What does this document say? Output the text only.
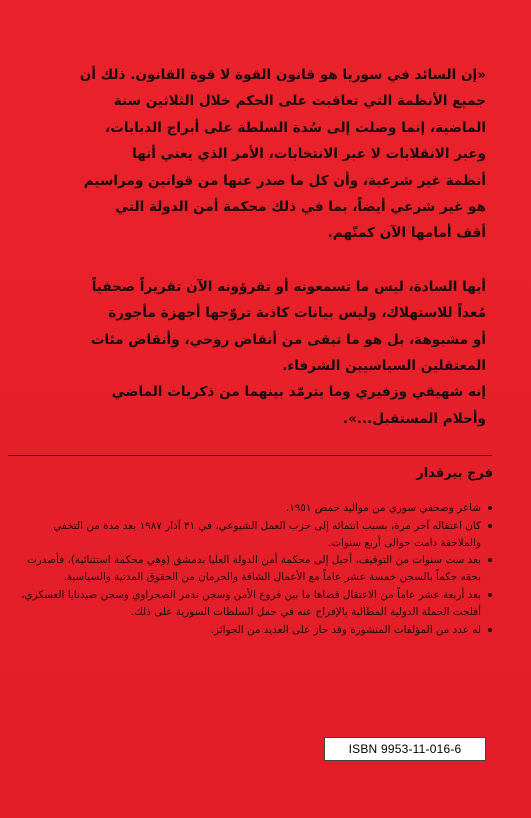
«إن السائد في سوريا هو قانون القوة لا قوة القانون. ذلك أن

جميع الأنظمة التي تعاقبت على الحكم خلال الثلاثين سنة

الماضية، إنما وصلت إلى سُدة السلطة على أبراج الدبابات،

وعبر الانقلابات لا عبر الانتخابات، الأمر الذي يعني أنها

أنظمة غير شرعية، وأن كل ما صدر عنها من قوانين ومراسيم

هو غير شرعي أيضاً، بما في ذلك محكمة أمن الدولة التي

أقف أمامها الآن كمتّهم.

أيها السادة، ليس ما تسمعونه أو تقرؤونه الآن تقريراً صحفياً

مُعداً للاستهلاك، وليس بيانات كاذبة تروّجها أجهزة مأجورة

أو مشبوهة، بل هو ما تبقى من أنقاض روحي، وأنقاض مئات

المعتقلين السياسيين الشرفاء.

إنه شهيقي وزفيري وما يترمّد بينهما من ذكريات الماضي

وأحلام المستقبل...».

فرج بيرقدار
شاعر وصحفي سوري من مواليد حمص ١٩٥١.
كان اعتقاله آخر مرة، بسبب انتمائه إلى حزب العمل الشيوعي، في ٣١ آذار ١٩٨٧ بعد مدة من التخفي والملاحقة دامت حوالى أربع سنوات.
بعد ست سنوات من التوقيف، أحيل إلى محكمة أمن الدولة العليا بدمشق (وهي محكمة استثنائية)، فأصدرت بحقه حكماً بالسجن خمسة عشر عاماً مع الأعمال الشاقة والحرمان من الحقوق المدنية والسياسية.
بعد أربعة عشر عاماً من الاعتقال قضاها ما بين فروع الأمن وسجن تدمر الصحراوي وسجن صيدنايا العسكري، أفلحت الحملة الدولية المطالبة بالإفراج عنه في حمل السلطات السورية على ذلك.
له عدد من المؤلفات المنشورة وقد حاز على العديد من الجوائز.
ISBN 9953-11-016-6
